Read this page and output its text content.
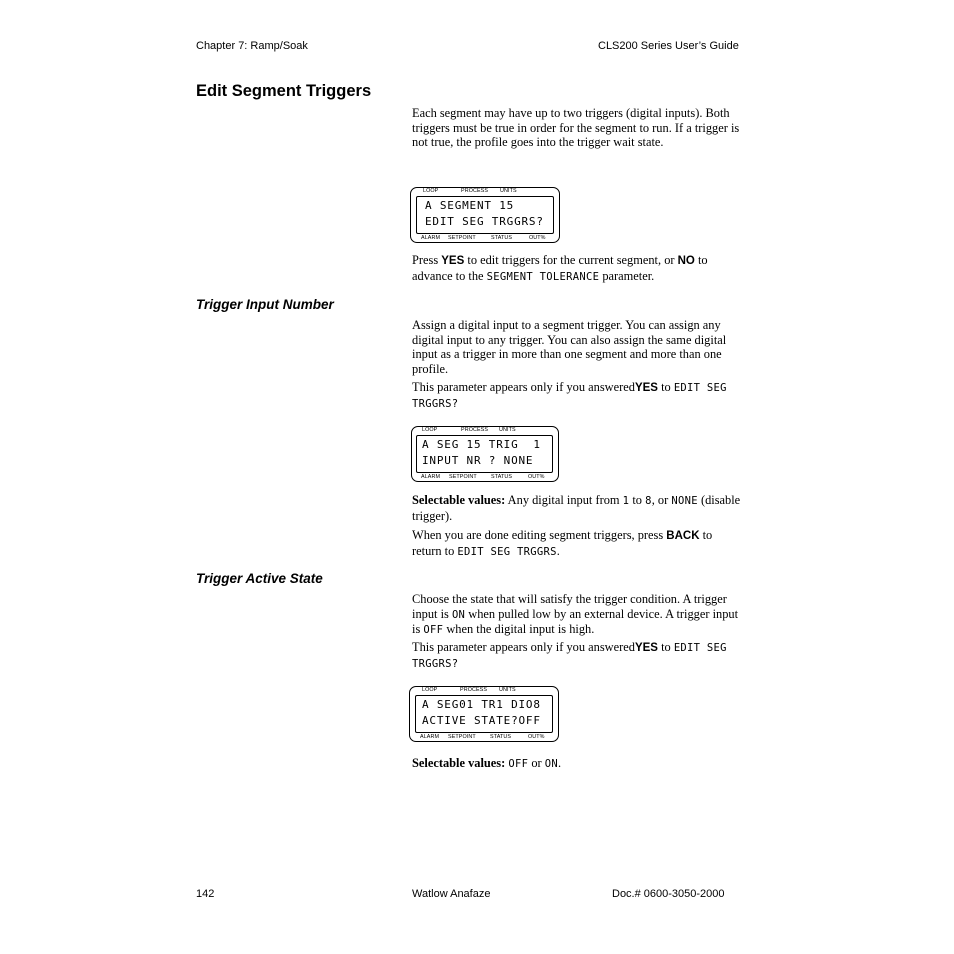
Chapter 7: Ramp/Soak	CLS200 Series User’s Guide
Edit Segment Triggers

Each segment may have up to two triggers (digital inputs). Both triggers must be true in order for the segment to run. If a trigger is not true, the profile goes into the trigger wait state.

LOOP	PROCESS UNITS
A SEGMENT 15
EDIT SEG TRGGRS?
ALARM SETPOINT	STATUS	OUT%

Press YES to edit triggers for the current segment, or NO to advance to the SEGMENT TOLERANCE parameter.

Trigger Input Number

Assign a digital input to a segment trigger. You can assign any digital input to any trigger. You can also assign the same digital input as a trigger in more than one segment and more than one profile.

This parameter appears only if you answeredYES to EDIT SEG TRGGRS?

LOOP	PROCESS UNITS
A SEG 15 TRIG  1
INPUT NR ? NONE
ALARM SETPOINT	STATUS	OUT%

Selectable values: Any digital input from 1 to 8, or NONE (disable trigger).

When you are done editing segment triggers, press BACK to return to EDIT SEG TRGGRS.

Trigger Active State

Choose the state that will satisfy the trigger condition. A trigger input is ON when pulled low by an external device. A trigger input is OFF when the digital input is high.

This parameter appears only if you answeredYES to EDIT SEG TRGGRS?

LOOP	PROCESS UNITS
A SEG01 TR1 DIO8
ACTIVE STATE?OFF
ALARM SETPOINT	STATUS	OUT%

Selectable values: OFF or ON.

142	Watlow Anafaze	Doc.# 0600-3050-2000
